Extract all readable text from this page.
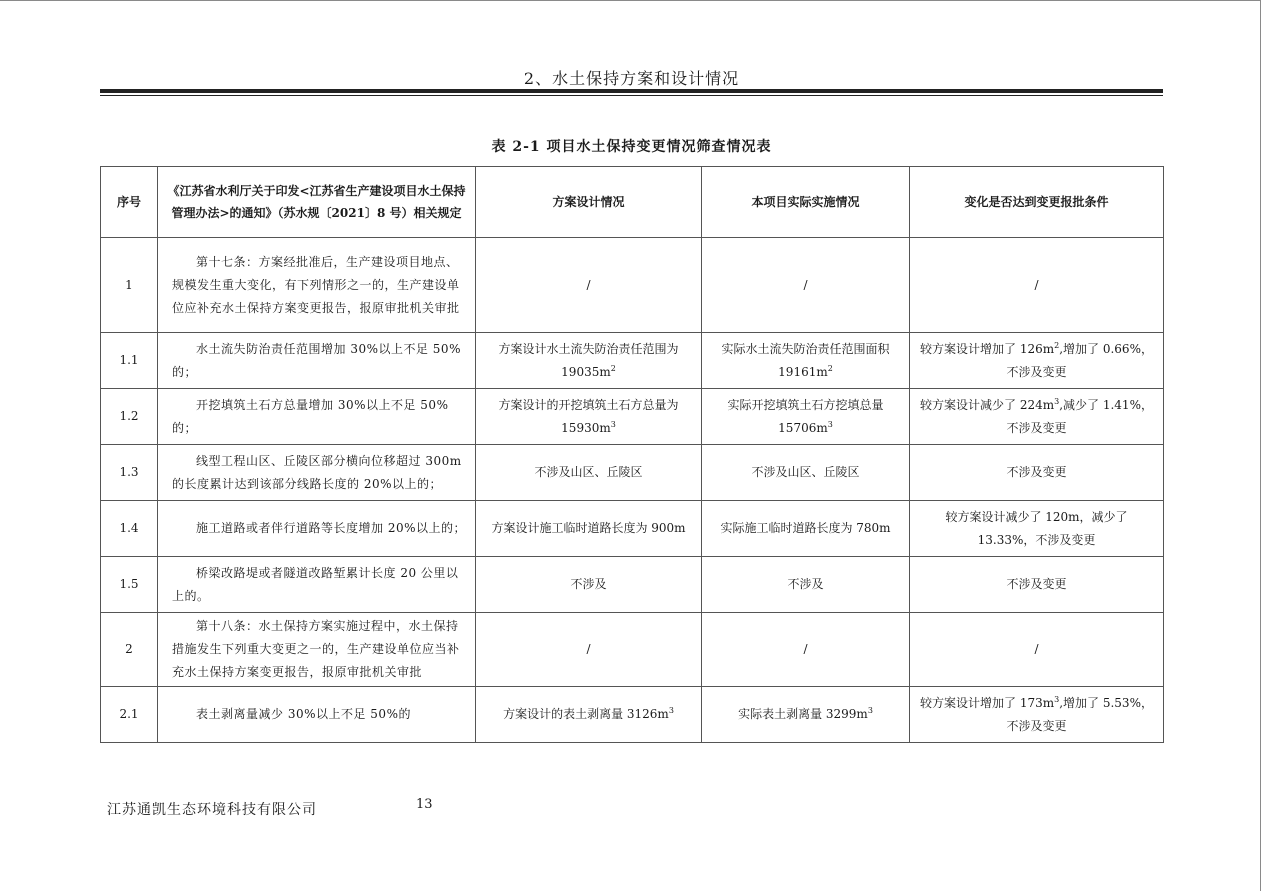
2、水土保持方案和设计情况
表 2-1 项目水土保持变更情况筛查情况表
序号	《江苏省水利厅关于印发<江苏省生产建设项目水土保持管理办法>的通知》（苏水规〔2021〕8 号）相关规定	方案设计情况	本项目实际实施情况	变化是否达到变更报批条件
1	第十七条：方案经批准后，生产建设项目地点、规模发生重大变化，有下列情形之一的，生产建设单位应补充水土保持方案变更报告，报原审批机关审批	/	/	/
1.1	水土流失防治责任范围增加 30%以上不足 50%的；	方案设计水土流失防治责任范围为 $19035m^2$	实际水土流失防治责任范围面积 $19161m^2$	较方案设计增加了 $126m^2$,增加了 0.66%，不涉及变更
1.2	开挖填筑土石方总量增加 30%以上不足 50%的；	方案设计的开挖填筑土石方总量为 $15930m^3$	实际开挖填筑土石方挖填总量 $15706m^3$	较方案设计减少了 $224m^3$,减少了 1.41%，不涉及变更
1.3	线型工程山区、丘陵区部分横向位移超过 300m 的长度累计达到该部分线路长度的 20%以上的；	不涉及山区、丘陵区	不涉及山区、丘陵区	不涉及变更
1.4	施工道路或者伴行道路等长度增加 20%以上的；	方案设计施工临时道路长度为 900m	实际施工临时道路长度为 780m	较方案设计减少了 120m，减少了 13.33%，不涉及变更
1.5	桥梁改路堤或者隧道改路堑累计长度 20 公里以上的。	不涉及	不涉及	不涉及变更
2	第十八条：水土保持方案实施过程中，水土保持措施发生下列重大变更之一的，生产建设单位应当补充水土保持方案变更报告，报原审批机关审批	/	/	/
2.1	表土剥离量减少 30%以上不足 50%的	方案设计的表土剥离量 $3126m^3$	实际表土剥离量 $3299m^3$	较方案设计增加了 $173m^3$,增加了 5.53%，不涉及变更
江苏通凯生态环境科技有限公司	13
